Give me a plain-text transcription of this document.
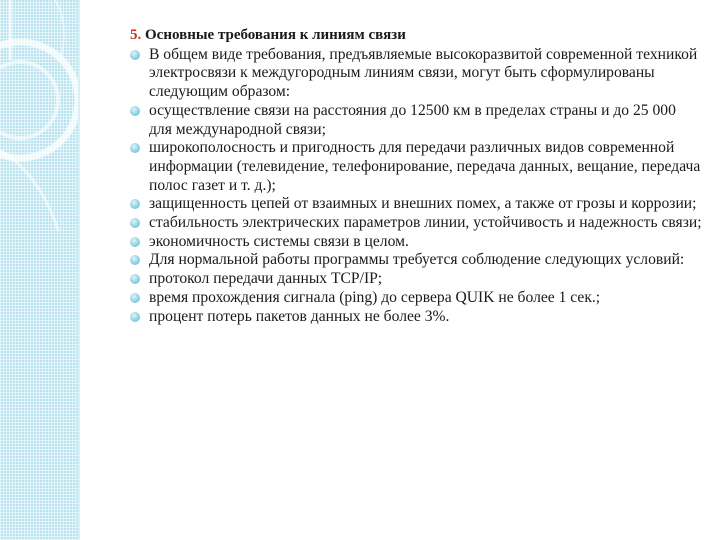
5. Основные требования к линиям связи
В общем виде требования, предъявляемые высокоразвитой современной техникой электросвязи к междугородным линиям связи, могут быть сформулированы следующим образом:
осуществление связи на расстояния до 12500 км в пределах страны и до 25 000 для международной связи;
широкополосность и пригодность для передачи различных видов современной информации (телевидение, телефонирование, передача данных, вещание, передача полос газет и т. д.);
защищенность цепей от взаимных и внешних помех, а также от грозы и коррозии;
стабильность электрических параметров линии, устойчивость и надежность связи;
экономичность системы связи в целом.
Для нормальной работы программы требуется соблюдение следующих условий:
протокол передачи данных TCP/IP;
время прохождения сигнала (ping) до сервера QUIK не более 1 сек.;
процент потерь пакетов данных не более 3%.
